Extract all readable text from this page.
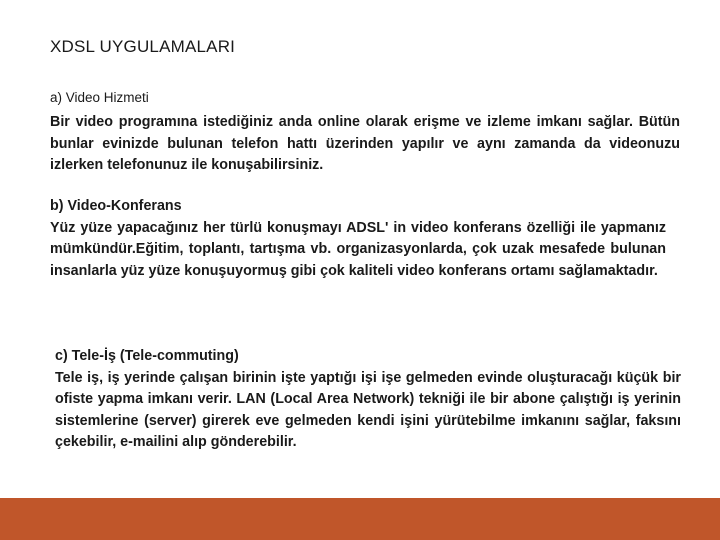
XDSL UYGULAMALARI
a) Video Hizmeti

Bir video programına istediğiniz anda online olarak erişme ve izleme imkanı sağlar. Bütün bunlar evinizde bulunan telefon hattı üzerinden yapılır ve aynı zamanda da videonuzu izlerken telefonunuz ile konuşabilirsiniz.

b) Video-Konferans

Yüz yüze yapacağınız her türlü konuşmayı ADSL' in video konferans özelliği ile yapmanız mümkündür.Eğitim, toplantı, tartışma vb. organizasyonlarda, çok uzak mesafede bulunan insanlarla yüz yüze konuşuyormuş gibi çok kaliteli video konferans ortamı sağlamaktadır.

c) Tele-İş (Tele-commuting)

Tele iş, iş yerinde çalışan birinin işte yaptığı işi işe gelmeden evinde oluşturacağı küçük bir ofiste yapma imkanı verir. LAN (Local Area Network) tekniği ile bir abone çalıştığı iş yerinin sistemlerine (server) girerek eve gelmeden kendi işini yürütebilme imkanını sağlar, faksını çekebilir, e-mailini alıp gönderebilir.
